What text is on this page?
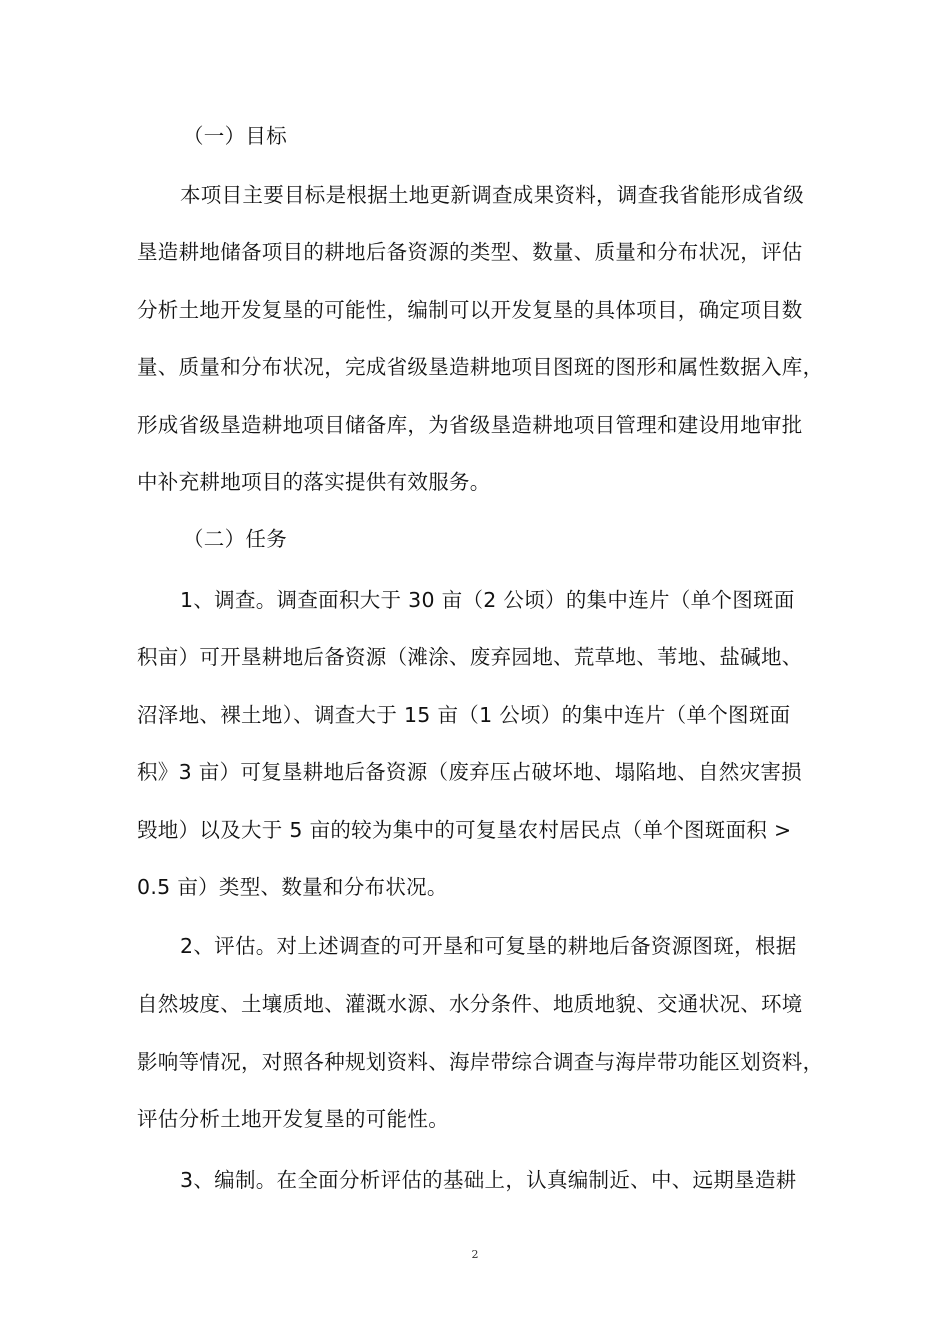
（一）目标
本项目主要目标是根据土地更新调查成果资料，调查我省能形成省级
垦造耕地储备项目的耕地后备资源的类型、数量、质量和分布状况，评估
分析土地开发复垦的可能性，编制可以开发复垦的具体项目，确定项目数
量、质量和分布状况，完成省级垦造耕地项目图斑的图形和属性数据入库，
形成省级垦造耕地项目储备库，为省级垦造耕地项目管理和建设用地审批
中补充耕地项目的落实提供有效服务。
（二）任务
1、调查。调查面积大于 30 亩（2 公顷）的集中连片（单个图斑面
积亩）可开垦耕地后备资源（滩涂、废弃园地、荒草地、苇地、盐碱地、
沼泽地、裸土地）、调查大于 15 亩（1 公顷）的集中连片（单个图斑面
积》3 亩）可复垦耕地后备资源（废弃压占破坏地、塌陷地、自然灾害损
毁地）以及大于 5 亩的较为集中的可复垦农村居民点（单个图斑面积 >
0.5 亩）类型、数量和分布状况。
2、评估。对上述调查的可开垦和可复垦的耕地后备资源图斑，根据
自然坡度、土壤质地、灌溉水源、水分条件、地质地貌、交通状况、环境
影响等情况，对照各种规划资料、海岸带综合调查与海岸带功能区划资料，
评估分析土地开发复垦的可能性。
3、编制。在全面分析评估的基础上，认真编制近、中、远期垦造耕
2
